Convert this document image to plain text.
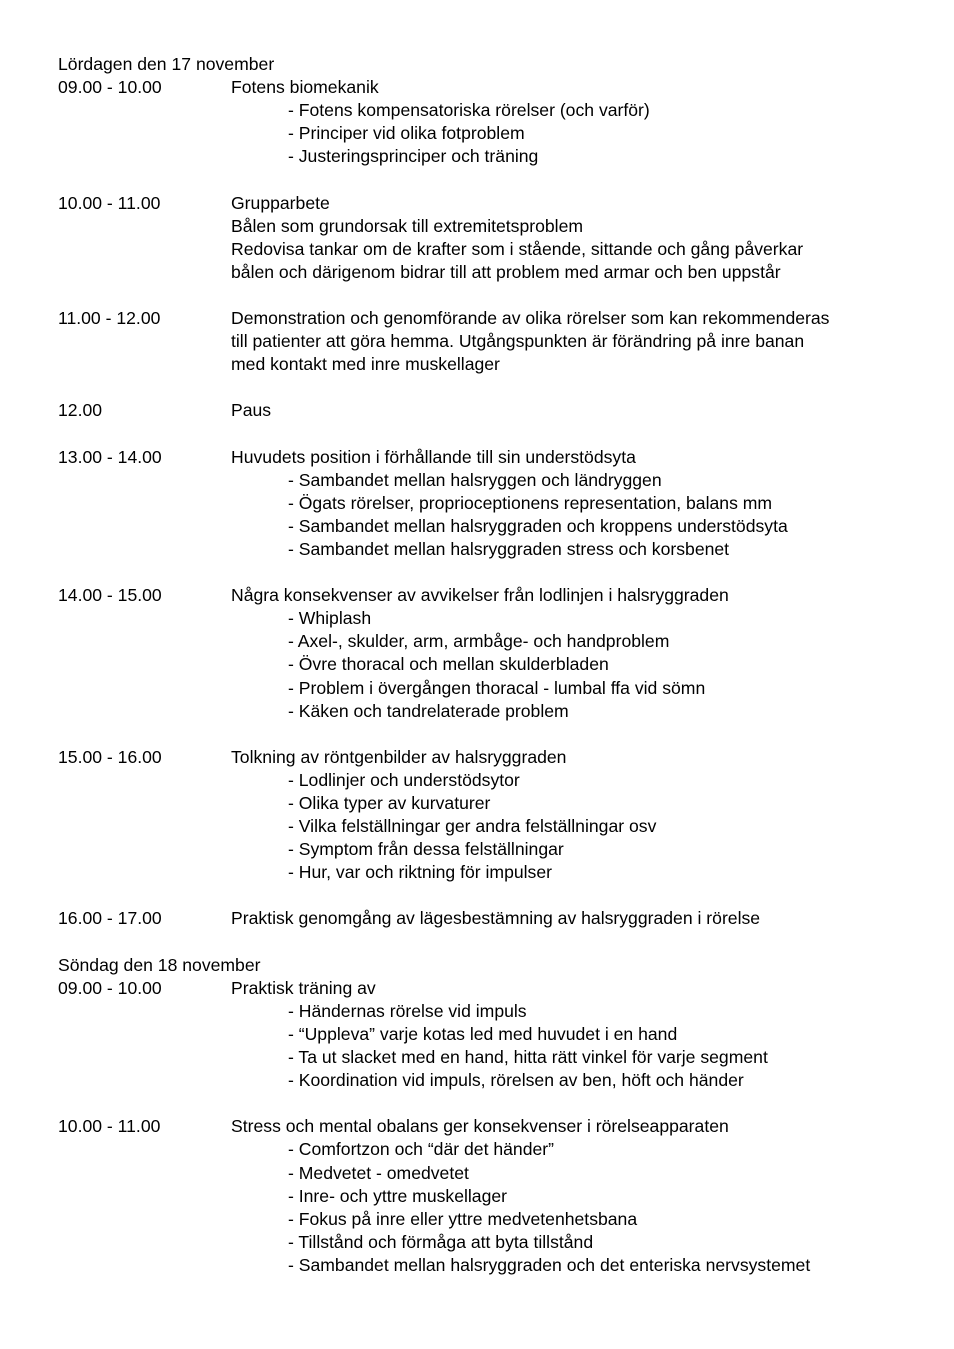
Lördagen den 17 november
09.00 - 10.00	Fotens biomekanik
- Fotens kompensatoriska rörelser (och varför)
- Principer vid olika fotproblem
- Justeringsprinciper och träning
10.00 - 11.00	Grupparbete
Bålen som grundorsak till extremitetsproblem
Redovisa tankar om de krafter som i stående, sittande och gång påverkar
bålen och därigenom bidrar till att problem med armar och ben uppstår
11.00 - 12.00	Demonstration och genomförande av olika rörelser som kan rekommenderas
till patienter att göra hemma. Utgångspunkten är förändring på inre banan
med kontakt med inre muskellager
12.00	Paus
13.00 - 14.00	Huvudets position i förhållande till sin understödsyta
- Sambandet mellan halsryggen och ländryggen
- Ögats rörelser, proprioceptionens representation, balans mm
- Sambandet mellan halsryggraden och kroppens understödsyta
- Sambandet mellan halsryggraden stress och korsbenet
14.00 - 15.00	Några konsekvenser av avvikelser från lodlinjen i halsryggraden
- Whiplash
- Axel-, skulder, arm, armbåge- och handproblem
- Övre thoracal och mellan skulderbladen
- Problem i övergången thoracal - lumbal ffa vid sömn
- Käken och tandrelaterade problem
15.00 - 16.00	Tolkning av röntgenbilder av halsryggraden
- Lodlinjer och understödsytor
- Olika typer av kurvaturer
- Vilka felställningar ger andra felställningar osv
- Symptom från dessa felställningar
- Hur, var och riktning för impulser
16.00 - 17.00	Praktisk genomgång av lägesbestämning av halsryggraden i rörelse
Söndag den 18 november
09.00 - 10.00	Praktisk träning av
- Händernas rörelse vid impuls
- “Uppleva” varje kotas led med huvudet i en hand
- Ta ut slacket med en hand, hitta rätt vinkel för varje segment
- Koordination vid impuls, rörelsen av ben, höft och händer
10.00 - 11.00	Stress och mental obalans ger konsekvenser i rörelseapparaten
- Comfortzon och “där det händer”
- Medvetet - omedvetet
- Inre- och yttre muskellager
- Fokus på inre eller yttre medvetenhetsbana
- Tillstånd och förmåga att byta tillstånd
- Sambandet mellan halsryggraden och det enteriska nervsystemet
